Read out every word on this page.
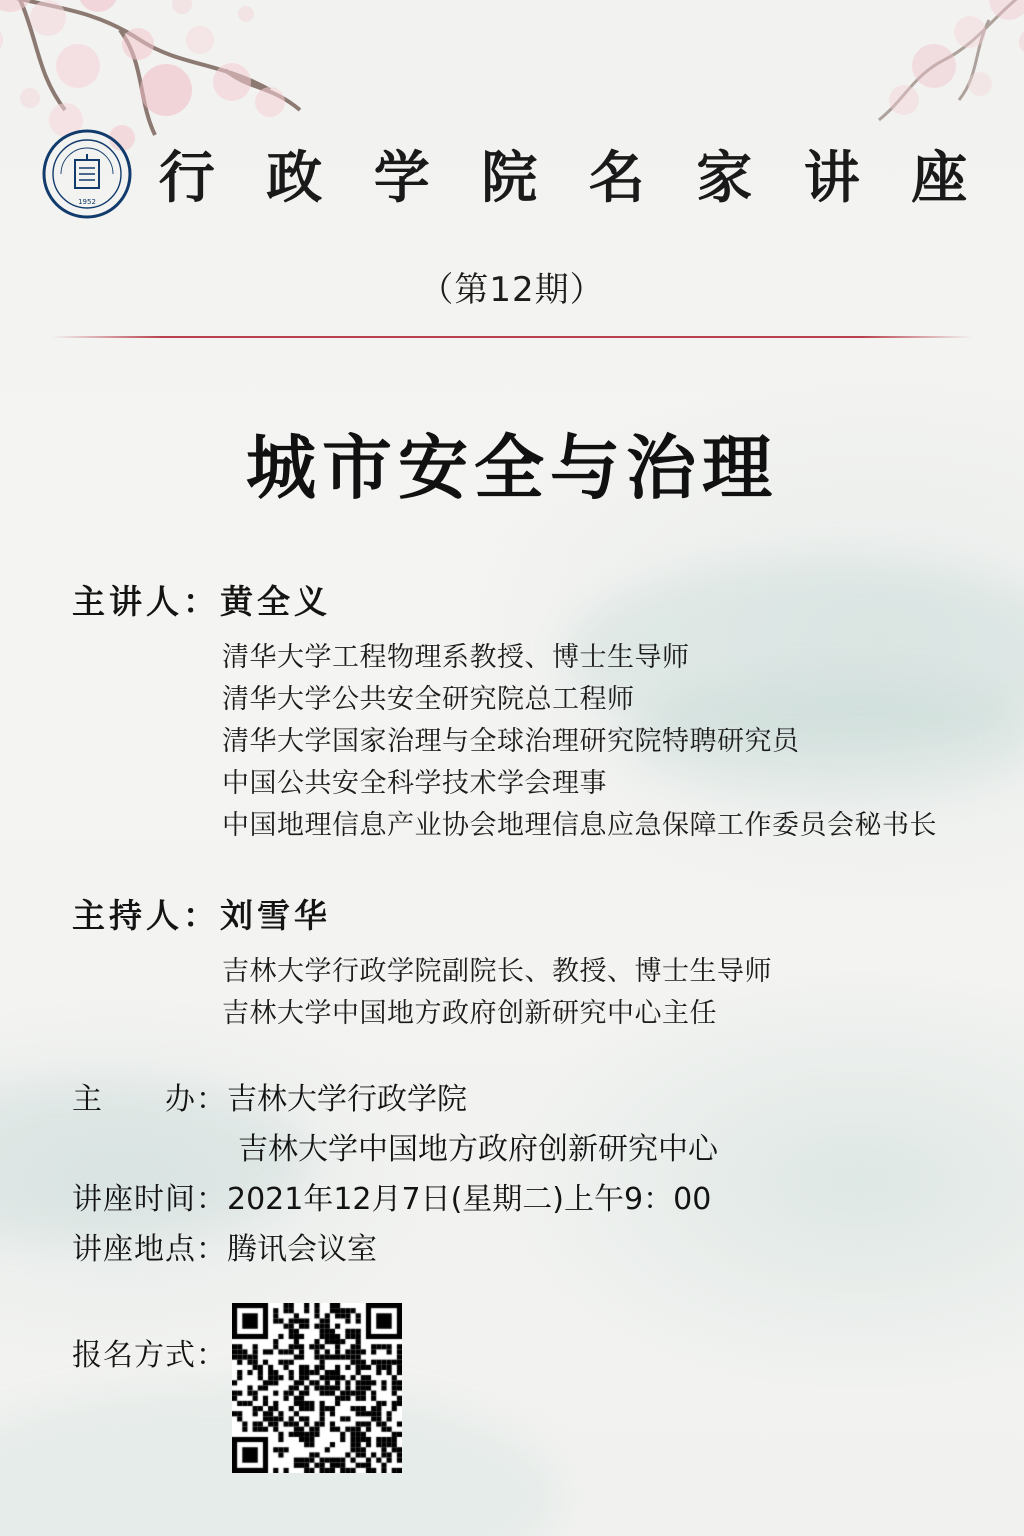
1952 行 政 学 院 名 家 讲 座
（第12期）
城市安全与治理
主讲人：黄全义
清华大学工程物理系教授、博士生导师
清华大学公共安全研究院总工程师
清华大学国家治理与全球治理研究院特聘研究员
中国公共安全科学技术学会理事
中国地理信息产业协会地理信息应急保障工作委员会秘书长
主持人：刘雪华
吉林大学行政学院副院长、教授、博士生导师
吉林大学中国地方政府创新研究中心主任
主　　办：吉林大学行政学院
吉林大学中国地方政府创新研究中心
讲座时间：2021年12月7日(星期二)上午9：00
讲座地点：腾讯会议室
报名方式：
